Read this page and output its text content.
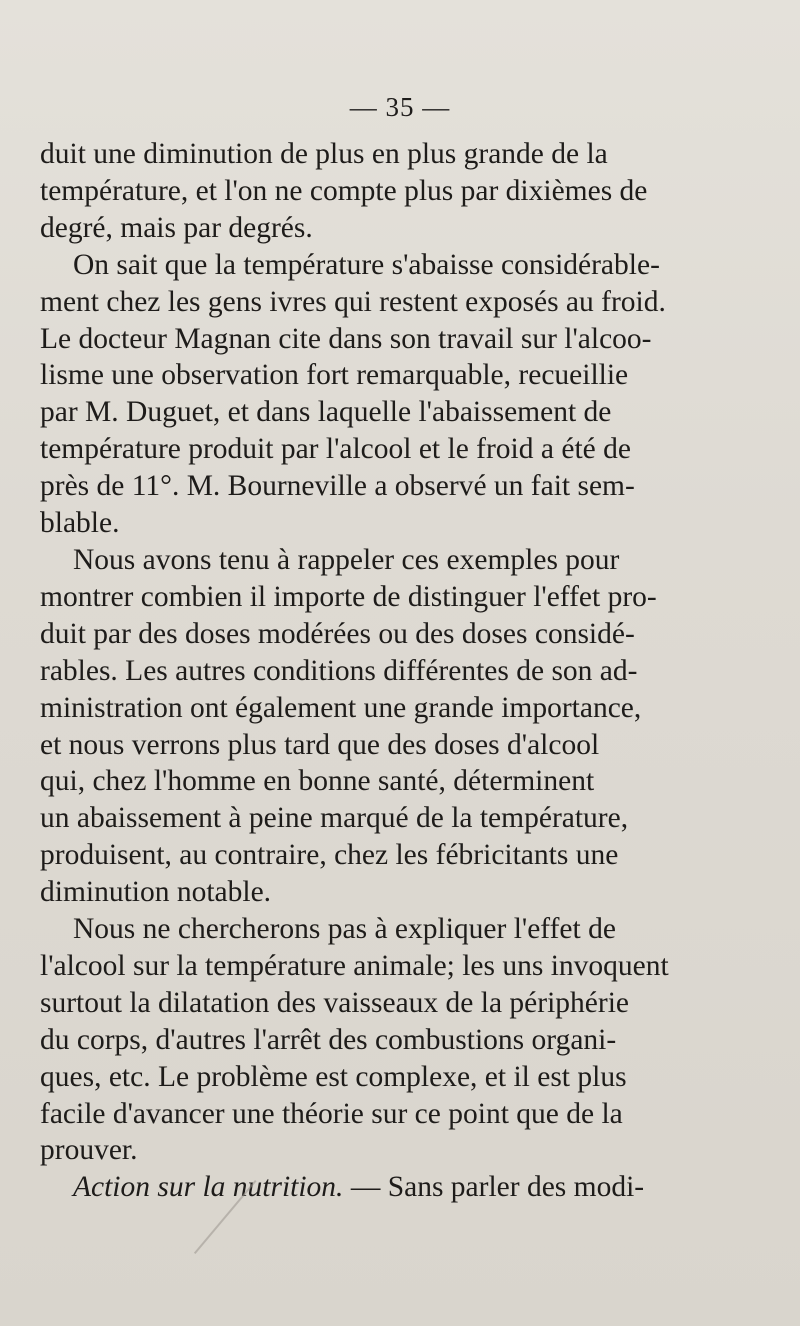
— 35 —

duit une diminution de plus en plus grande de la
température, et l'on ne compte plus par dixièmes de
degré, mais par degrés.

On sait que la température s'abaisse considérable-
ment chez les gens ivres qui restent exposés au froid.
Le docteur Magnan cite dans son travail sur l'alcoo-
lisme une observation fort remarquable, recueillie
par M. Duguet, et dans laquelle l'abaissement de
température produit par l'alcool et le froid a été de
près de 11°. M. Bourneville a observé un fait sem-
blable.

Nous avons tenu à rappeler ces exemples pour
montrer combien il importe de distinguer l'effet pro-
duit par des doses modérées ou des doses considé-
rables. Les autres conditions différentes de son ad-
ministration ont également une grande importance,
et nous verrons plus tard que des doses d'alcool
qui, chez l'homme en bonne santé, déterminent
un abaissement à peine marqué de la température,
produisent, au contraire, chez les fébricitants une
diminution notable.

Nous ne chercherons pas à expliquer l'effet de
l'alcool sur la température animale; les uns invoquent
surtout la dilatation des vaisseaux de la périphérie
du corps, d'autres l'arrêt des combustions organi-
ques, etc. Le problème est complexe, et il est plus
facile d'avancer une théorie sur ce point que de la
prouver.

Action sur la nutrition. — Sans parler des modi-
